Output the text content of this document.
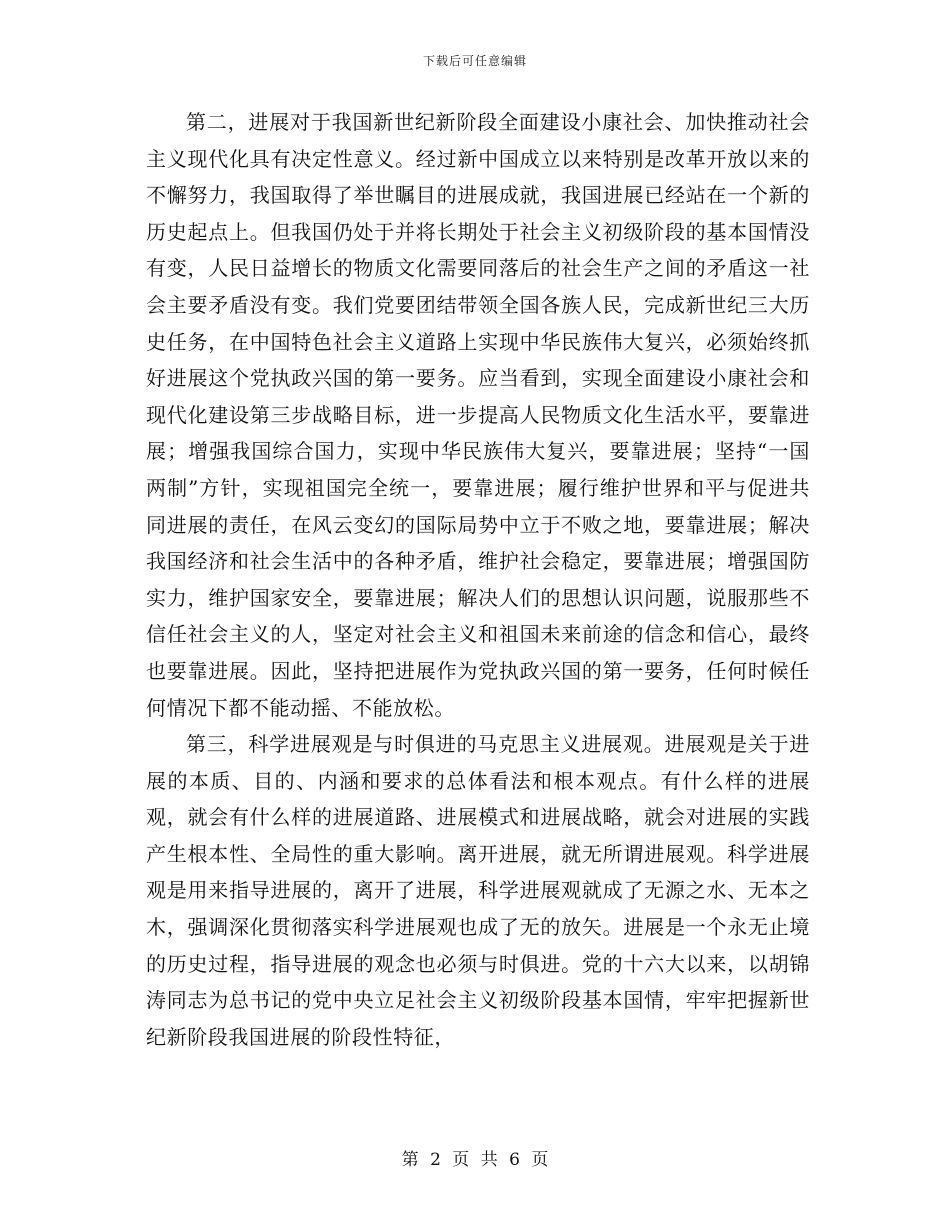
下载后可任意编辑

第二，进展对于我国新世纪新阶段全面建设小康社会、加快推动社会主义现代化具有决定性意义。经过新中国成立以来特别是改革开放以来的不懈努力，我国取得了举世瞩目的进展成就，我国进展已经站在一个新的历史起点上。但我国仍处于并将长期处于社会主义初级阶段的基本国情没有变，人民日益增长的物质文化需要同落后的社会生产之间的矛盾这一社会主要矛盾没有变。我们党要团结带领全国各族人民，完成新世纪三大历史任务，在中国特色社会主义道路上实现中华民族伟大复兴，必须始终抓好进展这个党执政兴国的第一要务。应当看到，实现全面建设小康社会和现代化建设第三步战略目标，进一步提高人民物质文化生活水平，要靠进展；增强我国综合国力，实现中华民族伟大复兴，要靠进展；坚持“一国两制”方针，实现祖国完全统一，要靠进展；履行维护世界和平与促进共同进展的责任，在风云变幻的国际局势中立于不败之地，要靠进展；解决我国经济和社会生活中的各种矛盾，维护社会稳定，要靠进展；增强国防实力，维护国家安全，要靠进展；解决人们的思想认识问题，说服那些不信任社会主义的人，坚定对社会主义和祖国未来前途的信念和信心，最终也要靠进展。因此，坚持把进展作为党执政兴国的第一要务，任何时候任何情况下都不能动摇、不能放松。

第三，科学进展观是与时俱进的马克思主义进展观。进展观是关于进展的本质、目的、内涵和要求的总体看法和根本观点。有什么样的进展观，就会有什么样的进展道路、进展模式和进展战略，就会对进展的实践产生根本性、全局性的重大影响。离开进展，就无所谓进展观。科学进展观是用来指导进展的，离开了进展，科学进展观就成了无源之水、无本之木，强调深化贯彻落实科学进展观也成了无的放矢。进展是一个永无止境的历史过程，指导进展的观念也必须与时俱进。党的十六大以来，以胡锦涛同志为总书记的党中央立足社会主义初级阶段基本国情，牢牢把握新世纪新阶段我国进展的阶段性特征，

第 2 页 共 6 页
